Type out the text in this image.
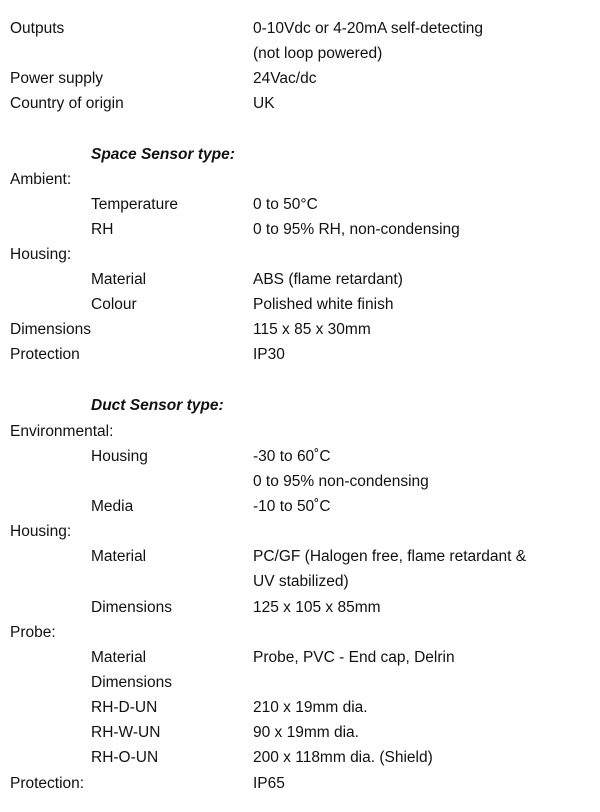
Outputs	0-10Vdc or 4-20mA self-detecting
(not loop powered)
Power supply	24Vac/dc
Country of origin	UK
Space Sensor type:
Ambient:
Temperature	0 to 50°C
RH	0 to 95% RH, non-condensing
Housing:
Material	ABS (flame retardant)
Colour	Polished white finish
Dimensions	115 x 85 x 30mm
Protection	IP30
Duct Sensor type:
Environmental:
Housing	-30 to 60˚C
0 to 95% non-condensing
Media	-10 to 50˚C
Housing:
Material	PC/GF (Halogen free, flame retardant &
UV stabilized)
Dimensions	125 x 105 x 85mm
Probe:
Material	Probe, PVC - End cap, Delrin
Dimensions
RH-D-UN	210 x 19mm dia.
RH-W-UN	90 x 19mm dia.
RH-O-UN	200 x 118mm dia. (Shield)
Protection:	IP65
